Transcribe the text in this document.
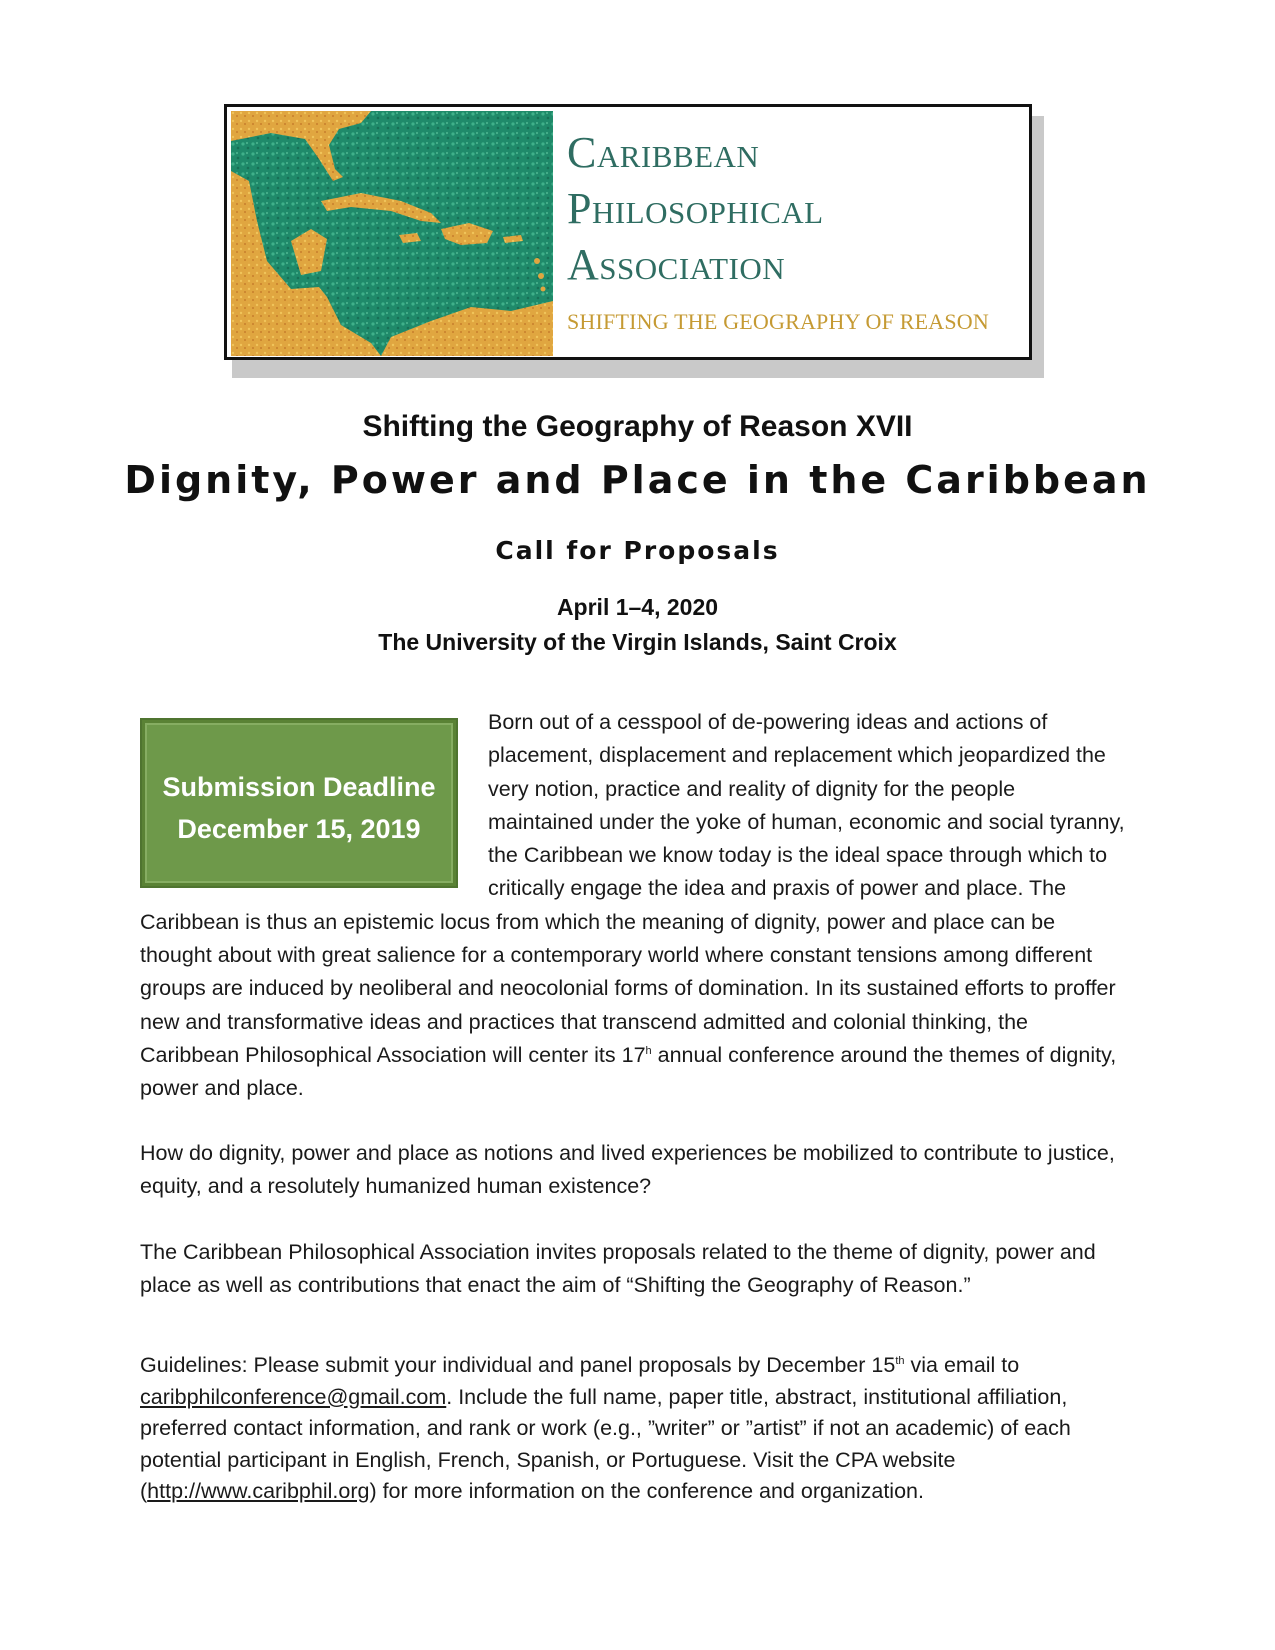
Caribbean
Philosophical
Association
SHIFTING THE GEOGRAPHY OF REASON
Shifting the Geography of Reason XVII
Dignity, Power and Place in the Caribbean
Call for Proposals
April 1–4, 2020
The University of the Virgin Islands, Saint Croix
Submission Deadline
December 15, 2019
Born out of a cesspool of de-powering ideas and actions of placement, displacement and replacement which jeopardized the very notion, practice and reality of dignity for the people maintained under the yoke of human, economic and social tyranny, the Caribbean we know today is the ideal space through which to critically engage the idea and praxis of power and place. The Caribbean is thus an epistemic locus from which the meaning of dignity, power and place can be thought about with great salience for a contemporary world where constant tensions among different groups are induced by neoliberal and neocolonial forms of domination. In its sustained efforts to proffer new and transformative ideas and practices that transcend admitted and colonial thinking, the Caribbean Philosophical Association will center its 17$^h$ annual conference around the themes of dignity, power and place.
How do dignity, power and place as notions and lived experiences be mobilized to contribute to justice, equity, and a resolutely humanized human existence?
The Caribbean Philosophical Association invites proposals related to the theme of dignity, power and place as well as contributions that enact the aim of “Shifting the Geography of Reason.”
Guidelines: Please submit your individual and panel proposals by December 15th via email to caribphilconference@gmail.com. Include the full name, paper title, abstract, institutional affiliation, preferred contact information, and rank or work (e.g., ”writer” or ”artist” if not an academic) of each potential participant in English, French, Spanish, or Portuguese. Visit the CPA website (http://www.caribphil.org) for more information on the conference and organization.
